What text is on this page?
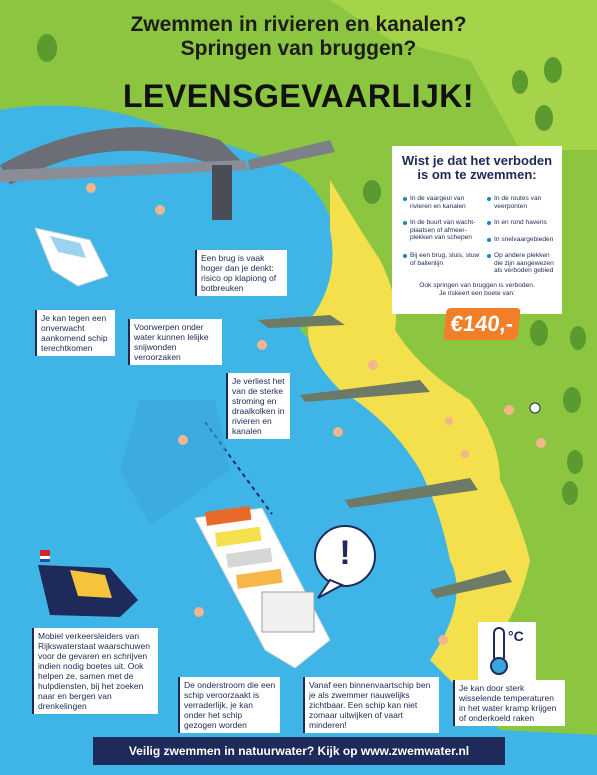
Zwemmen in rivieren en kanalen?
Springen van bruggen?
LEVENSGEVAARLIJK!
Wist je dat het verboden
is om te zwemmen:
In de vaargeul van rivieren en kanalen
In de buurt van wacht-plaatsen of afmeer-plekken van schepen
Bij een brug, sluis, stuw of ballenlijn
In de routes van veerponten
In en rond havens
In snelvaargebieden
Op andere plekken die zijn aangewezen als verboden gebied
Ook springen van bruggen is verboden.
Je riskeert een boete van:
€140,-
Je kan tegen een onverwacht aankomend schip terechtkomen
Een brug is vaak hoger dan je denkt: risico op klapiong of botbreuken
Voorwerpen onder water kunnen lelijke snijwonden veroorzaken
Je verliest het van de sterke stroming en draalkolken in rivieren en kanalen
Mobiel verkeersleiders van Rijkswaterstaat waarschuwen voor de gevaren en schrijven indien nodig boetes uit. Ook helpen ze, samen met de hulpdiensten, bij het zoeken naar en bergen van drenkelingen
De onderstroom die een schip veroorzaakt is verraderlijk, je kan onder het schip gezogen worden
Vanaf een binnenvaartschip ben je als zwemmer nauwelijks zichtbaar. Een schip kan niet zomaar uitwijken of vaart minderen!
Je kan door sterk wisselende temperaturen in het water kramp krijgen of onderkoeld raken
!
°C
Veilig zwemmen in natuurwater? Kijk op www.zwemwater.nl
